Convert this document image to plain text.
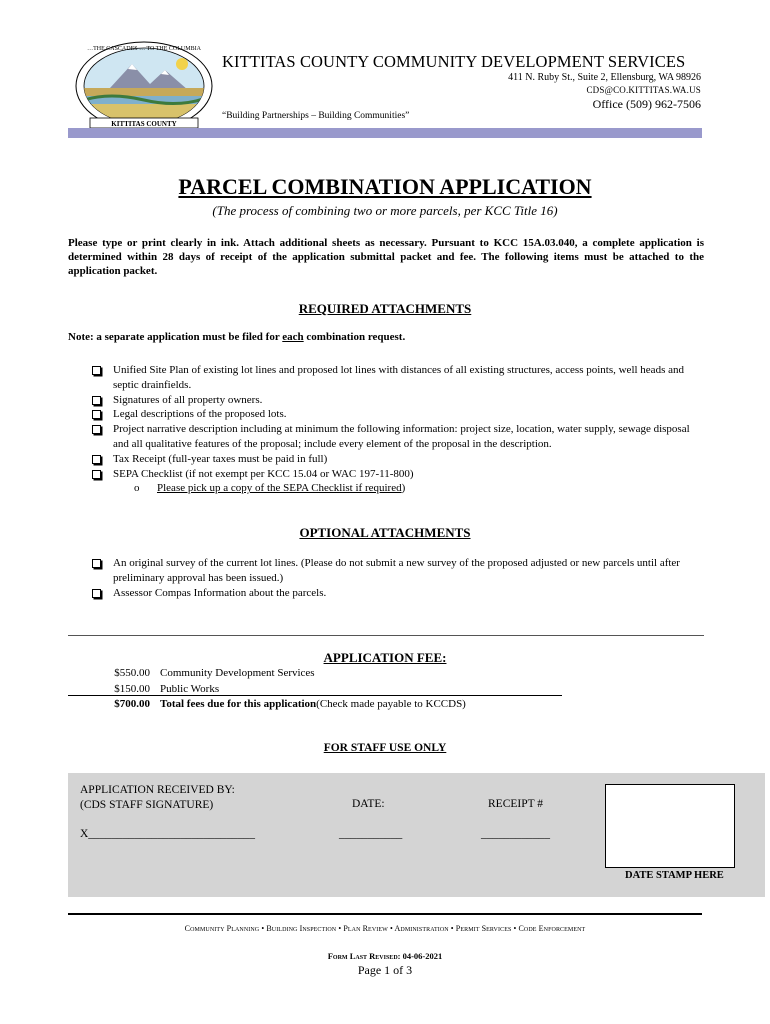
…THE CASCADES … TO THE COLUMBIA
KITTITAS COUNTY
KITTITAS COUNTY COMMUNITY DEVELOPMENT SERVICES
411 N. Ruby St., Suite 2, Ellensburg, WA 98926
CDS@CO.KITTITAS.WA.US
Office (509) 962-7506
“Building Partnerships – Building Communities”
PARCEL COMBINATION APPLICATION
(The process of combining two or more parcels, per KCC Title 16)
Please type or print clearly in ink. Attach additional sheets as necessary. Pursuant to KCC 15A.03.040, a complete application is determined within 28 days of receipt of the application submittal packet and fee. The following items must be attached to the application packet.
REQUIRED ATTACHMENTS
Note: a separate application must be filed for each combination request.
Unified Site Plan of existing lot lines and proposed lot lines with distances of all existing structures, access points, well heads and septic drainfields.
Signatures of all property owners.
Legal descriptions of the proposed lots.
Project narrative description including at minimum the following information: project size, location, water supply, sewage disposal and all qualitative features of the proposal; include every element of the proposal in the description.
Tax Receipt (full-year taxes must be paid in full)
SEPA Checklist (if not exempt per KCC 15.04 or WAC 197-11-800)
o Please pick up a copy of the SEPA Checklist if required)
OPTIONAL ATTACHMENTS
An original survey of the current lot lines. (Please do not submit a new survey of the proposed adjusted or new parcels until after preliminary approval has been issued.)
Assessor Compas Information about the parcels.
APPLICATION FEE:
$550.00 Community Development Services
$150.00 Public Works
$700.00 Total fees due for this application (Check made payable to KCCDS)
FOR STAFF USE ONLY
APPLICATION RECEIVED BY:
(CDS STAFF SIGNATURE)	DATE:	RECEIPT #
X_____________________________	___________	____________
DATE STAMP HERE
Community Planning • Building Inspection • Plan Review • Administration • Permit Services • Code Enforcement
Form Last Revised: 04-06-2021
Page 1 of 3
